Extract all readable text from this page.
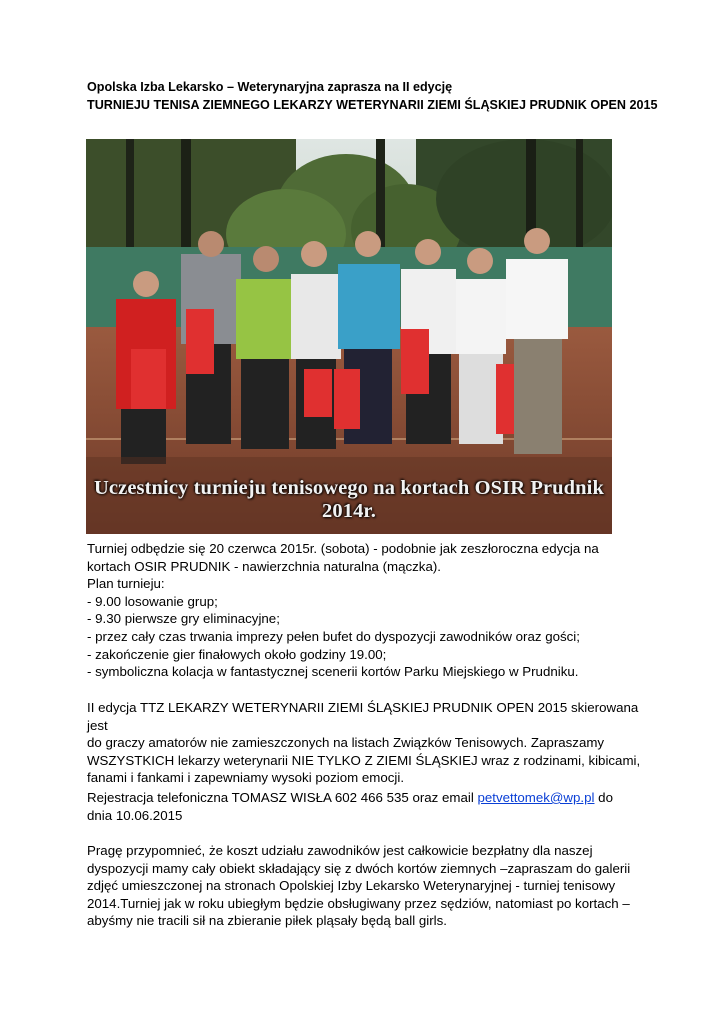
Opolska Izba Lekarsko – Weterynaryjna zaprasza na II edycję
TURNIEJU TENISA ZIEMNEGO LEKARZY WETERYNARII ZIEMI ŚLĄSKIEJ PRUDNIK OPEN 2015
Uczestnicy turnieju tenisowego na kortach OSIR Prudnik 2014r.

Turniej odbędzie się 20 czerwca 2015r. (sobota) - podobnie jak zeszłoroczna edycja na

kortach OSIR PRUDNIK - nawierzchnia naturalna (mączka).

Plan turnieju:

- 9.00 losowanie grup;

- 9.30 pierwsze gry eliminacyjne;

- przez cały czas trwania imprezy pełen bufet do dyspozycji zawodników oraz gości;

- zakończenie gier finałowych około godziny 19.00;

- symboliczna kolacja w fantastycznej scenerii kortów Parku Miejskiego w Prudniku.

II edycja TTZ LEKARZY WETERYNARII ZIEMI ŚLĄSKIEJ PRUDNIK OPEN 2015 skierowana jest

do graczy amatorów nie zamieszczonych na listach Związków Tenisowych. Zapraszamy

WSZYSTKICH lekarzy weterynarii NIE TYLKO Z ZIEMI ŚLĄSKIEJ wraz z rodzinami, kibicami,

fanami i fankami i zapewniamy wysoki poziom emocji.

Rejestracja telefoniczna TOMASZ WISŁA 602 466 535 oraz email petvettomek@wp.pl do

dnia 10.06.2015

Pragę przypomnieć, że koszt udziału zawodników jest całkowicie bezpłatny dla naszej

dyspozycji mamy cały obiekt składający się z dwóch kortów ziemnych –zapraszam do galerii

zdjęć umieszczonej na stronach Opolskiej Izby Lekarsko Weterynaryjnej - turniej tenisowy

2014.Turniej jak w roku ubiegłym będzie obsługiwany przez sędziów, natomiast po kortach –

abyśmy nie tracili sił na zbieranie piłek pląsały będą ball girls.
